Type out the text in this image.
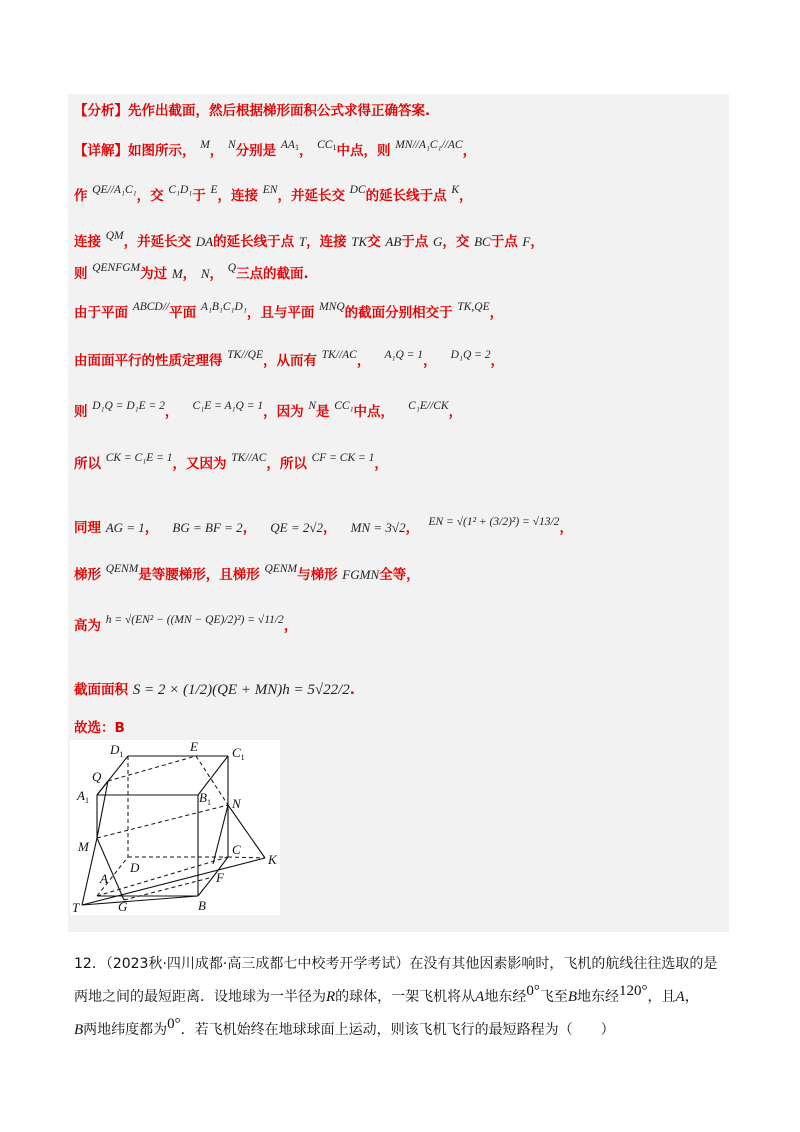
【分析】先作出截面，然后根据梯形面积公式求得正确答案.
【详解】如图所示， M， N分别是 AA1， CC1中点，则 MN//A₁C₁//AC，
作 QE//A₁C₁，交 C₁D₁于 E，连接 EN，并延长交 DC的延长线于点 K，
连接 QM，并延长交 DA的延长线于点 T，连接 TK交 AB于点 G，交 BC于点 F，
则 QENFGM为过 M， N， Q三点的截面.
由于平面 ABCD//平面 A₁B₁C₁D₁，且与平面 MNQ的截面分别相交于 TK,QE，
由面面平行的性质定理得 TK//QE，从而有 TK//AC， A₁Q = 1， D₁Q = 2，
则 D₁Q = D₁E = 2， C₁E = A₁Q = 1，因为 N是 CC₁中点， C₁E//CK，
所以 CK = C₁E = 1，又因为 TK//AC，所以 CF = CK = 1，
同理 AG = 1， BG = BF = 2， QE = 2√2， MN = 3√2， EN = √(1² + (3/2)²) = √13/2，
梯形 QENM是等腰梯形，且梯形 QENM与梯形 FGMN全等，
高为 h = √(EN² − ((MN − QE)/2)²) = √11/2，
截面面积 S = 2 × (1/2)(QE + MN)h = 5√22/2.
故选：B
$D_1$
E	$C_1$
Q
$A_1$	$B_1$ N
M	C
K
D
A	F
T	G	B
12．（2023秋·四川成都·高三成都七中校考开学考试）在没有其他因素影响时，飞机的航线往往选取的是
两地之间的最短距离．设地球为一半径为R的球体，一架飞机将从A地东经0°飞至B地东经120°，且A，
B两地纬度都为0°．若飞机始终在地球球面上运动，则该飞机飞行的最短路程为（　　）
